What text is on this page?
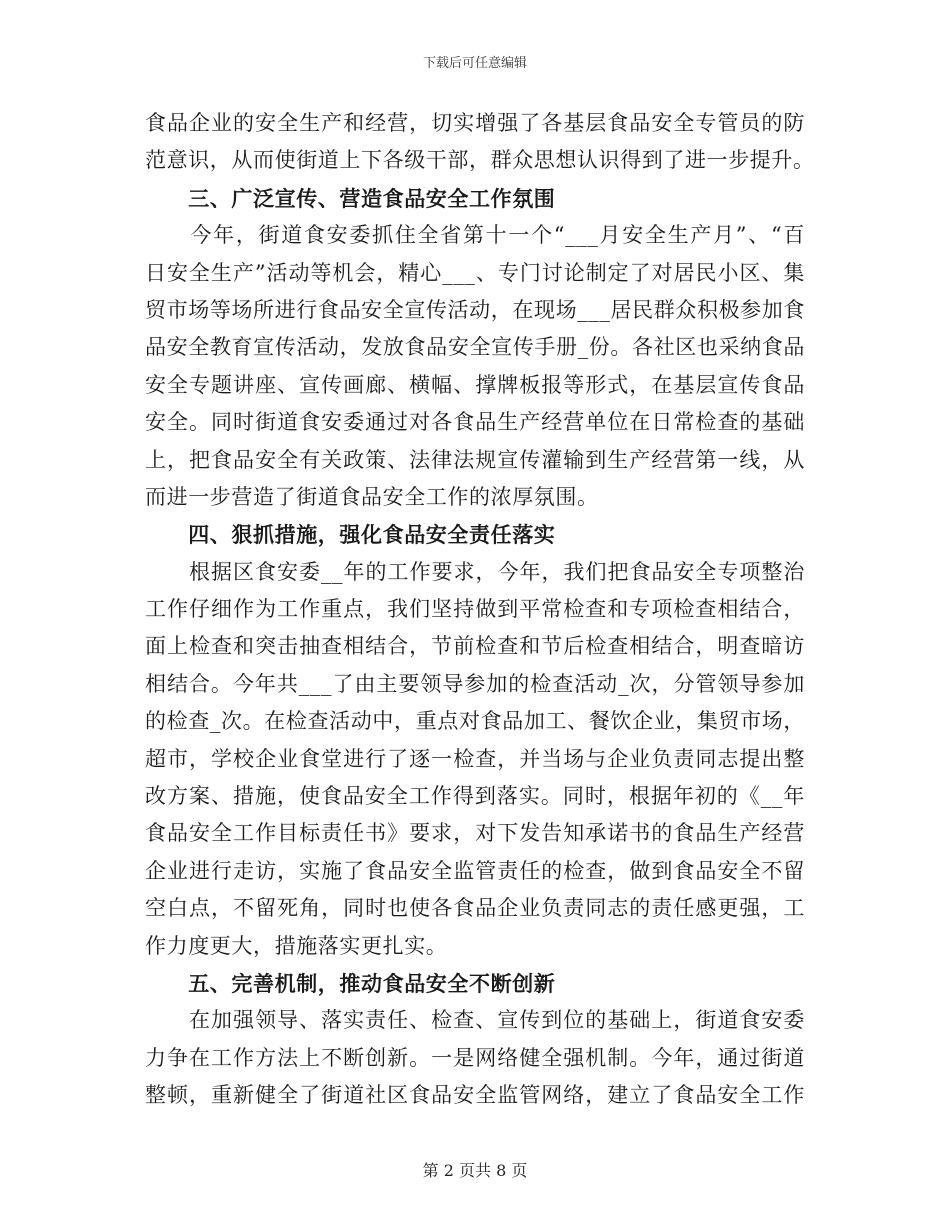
下载后可任意编辑
食品企业的安全生产和经营，切实增强了各基层食品安全专管员的防
范意识，从而使街道上下各级干部，群众思想认识得到了进一步提升。
　　三、广泛宣传、营造食品安全工作氛围
　　今年，街道食安委抓住全省第十一个“___月安全生产月”、“百
日安全生产”活动等机会，精心___、专门讨论制定了对居民小区、集
贸市场等场所进行食品安全宣传活动，在现场___居民群众积极参加食
品安全教育宣传活动，发放食品安全宣传手册_份。各社区也采纳食品
安全专题讲座、宣传画廊、横幅、撑牌板报等形式，在基层宣传食品
安全。同时街道食安委通过对各食品生产经营单位在日常检查的基础
上，把食品安全有关政策、法律法规宣传灌输到生产经营第一线，从
而进一步营造了街道食品安全工作的浓厚氛围。
　　四、狠抓措施，强化食品安全责任落实
　　根据区食安委__年的工作要求，今年，我们把食品安全专项整治
工作仔细作为工作重点，我们坚持做到平常检查和专项检查相结合，
面上检查和突击抽查相结合，节前检查和节后检查相结合，明查暗访
相结合。今年共___了由主要领导参加的检查活动_次，分管领导参加
的检查_次。在检查活动中，重点对食品加工、餐饮企业，集贸市场，
超市，学校企业食堂进行了逐一检查，并当场与企业负责同志提出整
改方案、措施，使食品安全工作得到落实。同时，根据年初的《__年
食品安全工作目标责任书》要求，对下发告知承诺书的食品生产经营
企业进行走访，实施了食品安全监管责任的检查，做到食品安全不留
空白点，不留死角，同时也使各食品企业负责同志的责任感更强，工
作力度更大，措施落实更扎实。
　　五、完善机制，推动食品安全不断创新
　　在加强领导、落实责任、检查、宣传到位的基础上，街道食安委
力争在工作方法上不断创新。一是网络健全强机制。今年，通过街道
整顿，重新健全了街道社区食品安全监管网络，建立了食品安全工作
第 2 页共 8 页
